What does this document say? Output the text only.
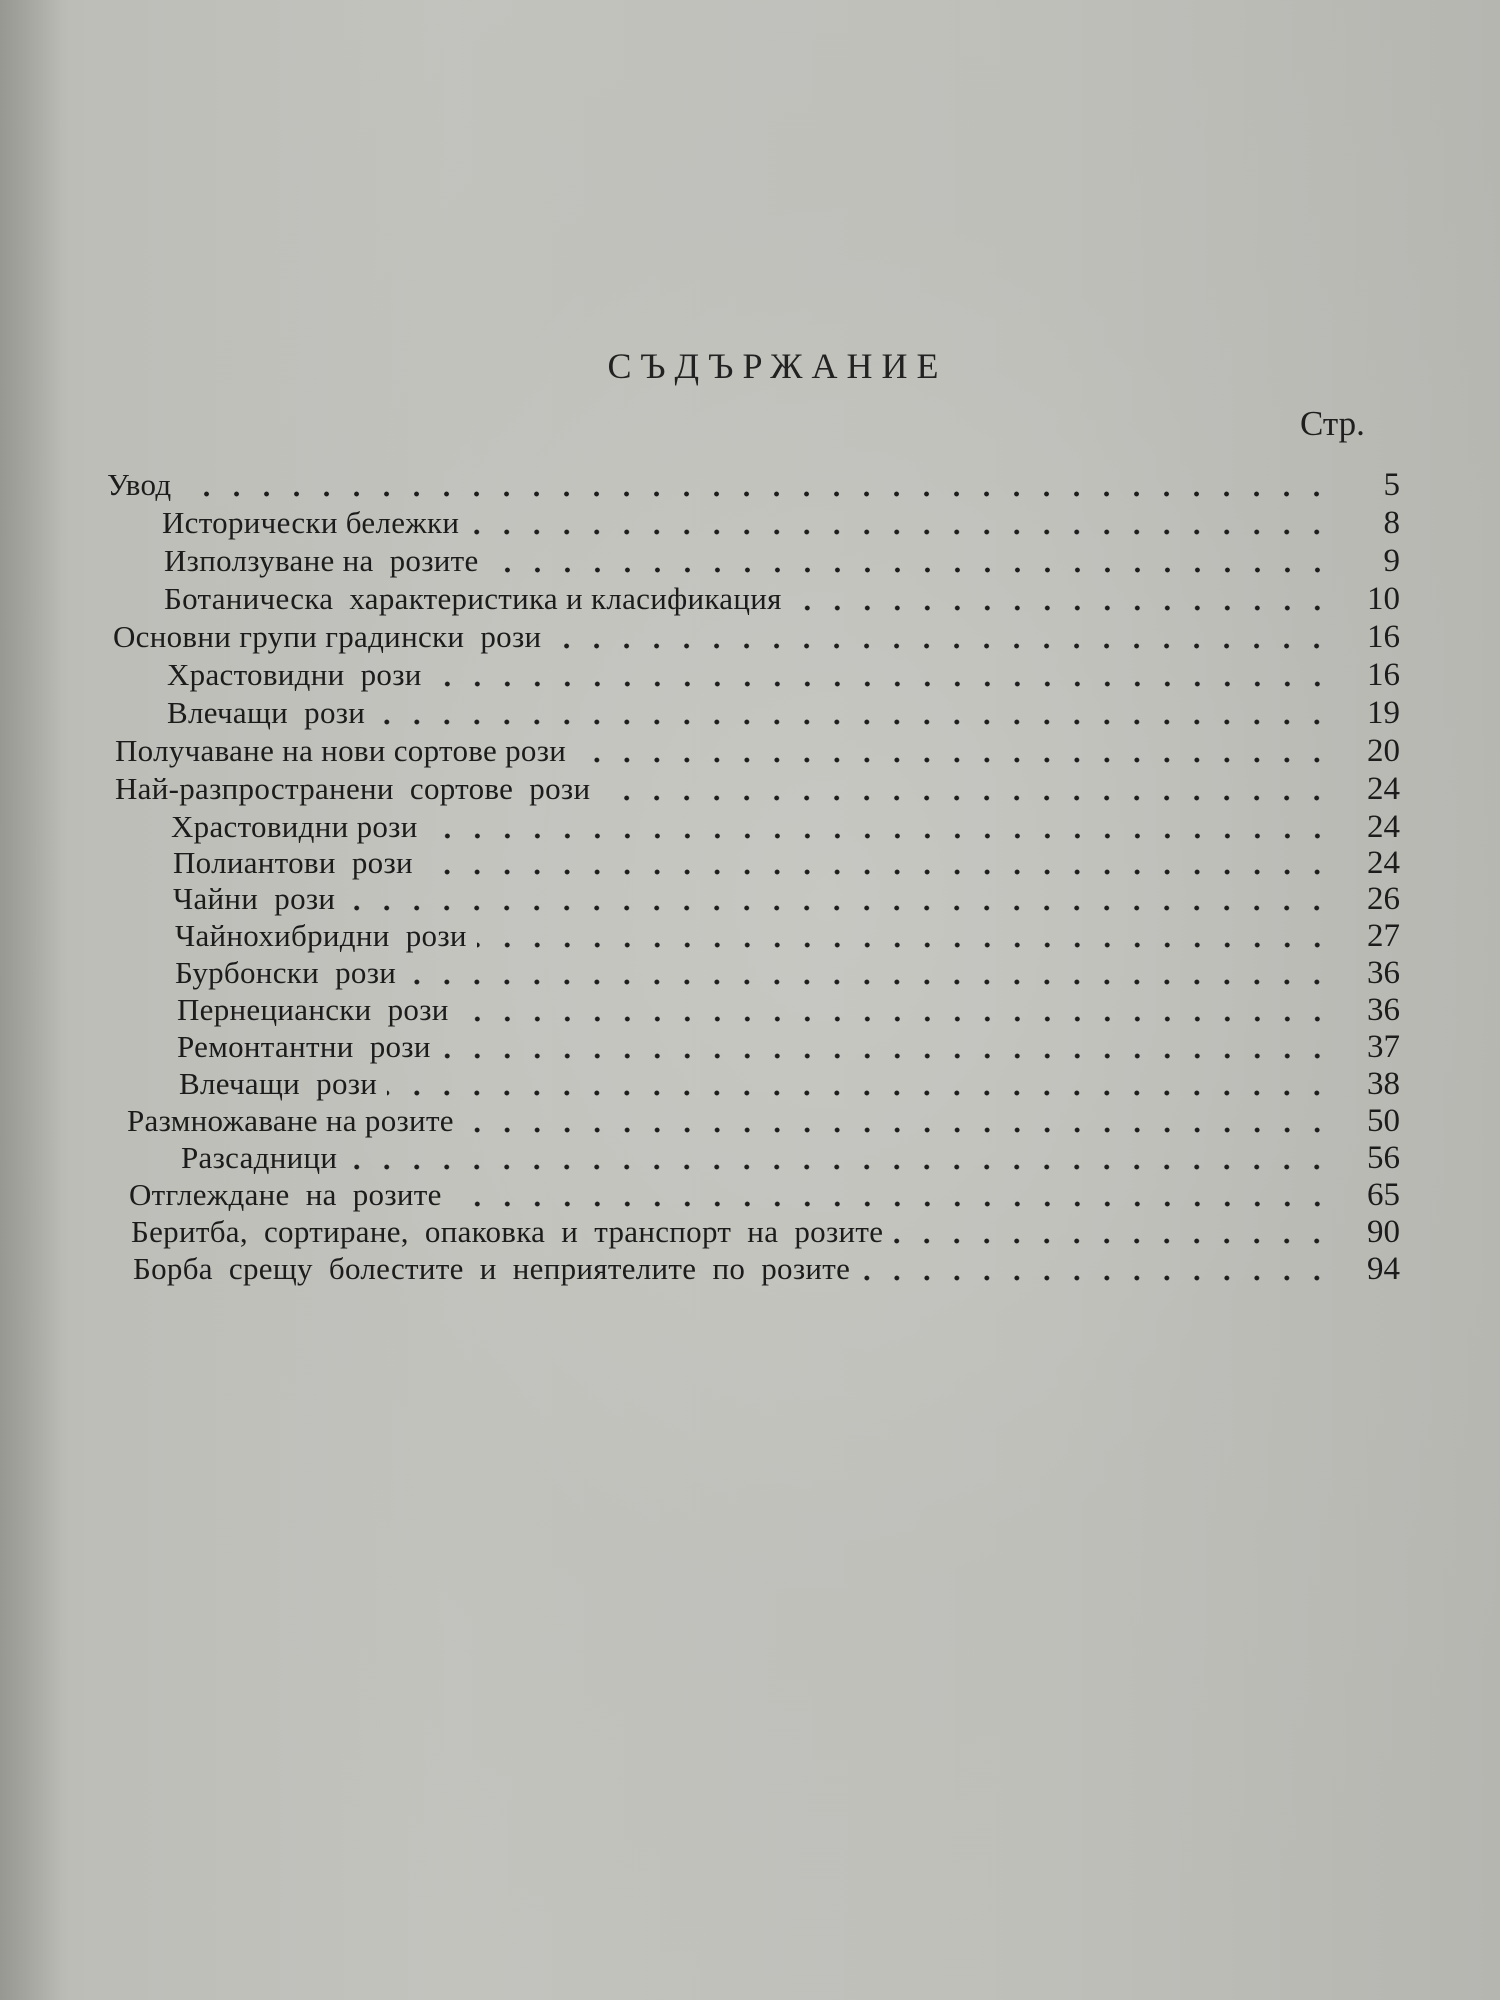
СЪДЪРЖАНИЕ
Стр.
Увод	5
Исторически бележки	8
Използуване на  розите	9
Ботаническа  характеристика и класификация	10
Основни групи градински  рози	16
Храстовидни  рози	16
Влечащи  рози	19
Получаване на нови сортове рози	20
Най-разпространени  сортове  рози	24
Храстовидни рози	24
Полиантови  рози	24
Чайни  рози	26
Чайнохибридни  рози	27
Бурбонски  рози	36
Пернециански  рози	36
Ремонтантни  рози	37
Влечащи  рози	38
Размножаване на розите	50
Разсадници	56
Отглеждане  на  розите	65
Беритба,  сортиране,  опаковка  и  транспорт  на  розите	90
Борба  срещу  болестите  и  неприятелите  по  розите	94
